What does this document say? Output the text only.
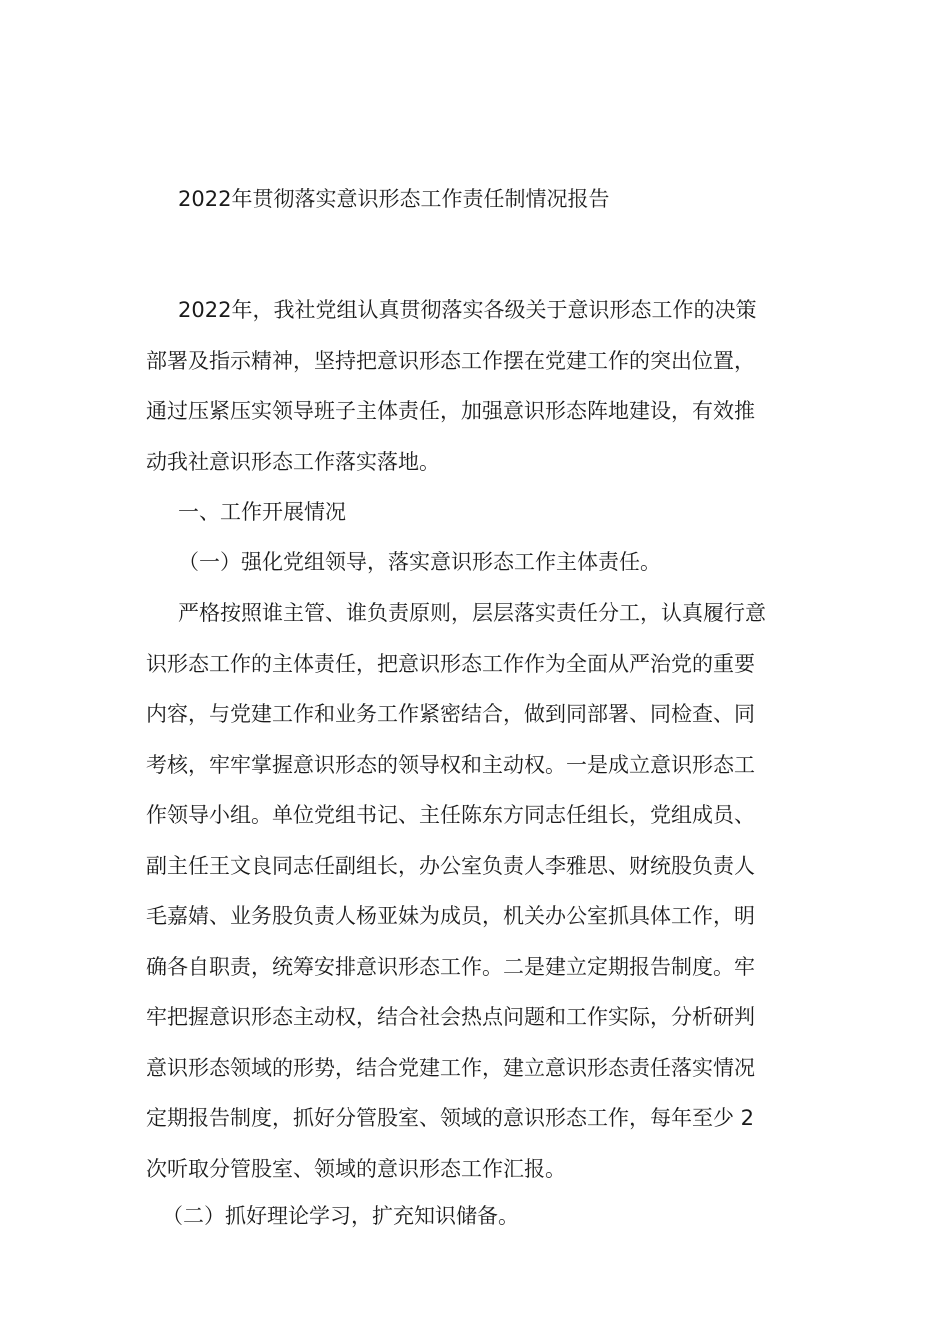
2022年贯彻落实意识形态工作责任制情况报告
2022年，我社党组认真贯彻落实各级关于意识形态工作的决策
部署及指示精神，坚持把意识形态工作摆在党建工作的突出位置，
通过压紧压实领导班子主体责任，加强意识形态阵地建设，有效推
动我社意识形态工作落实落地。
一、工作开展情况
（一）强化党组领导，落实意识形态工作主体责任。
严格按照谁主管、谁负责原则，层层落实责任分工，认真履行意
识形态工作的主体责任，把意识形态工作作为全面从严治党的重要
内容，与党建工作和业务工作紧密结合，做到同部署、同检查、同
考核，牢牢掌握意识形态的领导权和主动权。一是成立意识形态工
作领导小组。单位党组书记、主任陈东方同志任组长，党组成员、
副主任王文良同志任副组长，办公室负责人李雅思、财统股负责人
毛嘉婧、业务股负责人杨亚妹为成员，机关办公室抓具体工作，明
确各自职责，统筹安排意识形态工作。二是建立定期报告制度。牢
牢把握意识形态主动权，结合社会热点问题和工作实际，分析研判
意识形态领域的形势，结合党建工作，建立意识形态责任落实情况
定期报告制度，抓好分管股室、领域的意识形态工作，每年至少 2
次听取分管股室、领域的意识形态工作汇报。
（二）抓好理论学习，扩充知识储备。
